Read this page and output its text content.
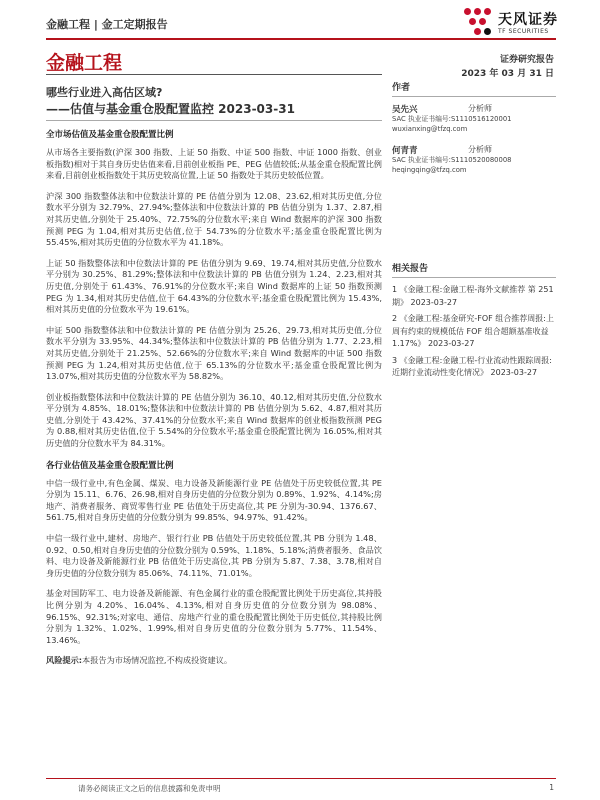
金融工程 | 金工定期报告	天风证券
TF SECURITIES
金融工程	证券研究报告
2023 年 03 月 31 日
哪些行业进入高估区域?
——估值与基金重仓股配置监控 2023-03-31
全市场估值及基金重仓股配置比例

从市场各主要指数(沪深 300 指数、上证 50 指数、中证 500 指数、中证 1000 指数、创业板指数)相对于其自身历史估值来看,目前创业板指 PE、PEG 估值较低;从基金重仓股配置比例来看,目前创业板指数处于其历史较高位置,上证 50 指数处于其历史较低位置。

沪深 300 指数整体法和中位数法计算的 PE 估值分别为 12.08、23.62,相对其历史值,分位数水平分别为 32.79%、27.94%;整体法和中位数法计算的 PB 估值分别为 1.37、2.87,相对其历史值,分别处于 25.40%、72.75%的分位数水平;来自 Wind 数据库的沪深 300 指数预测 PEG 为 1.04,相对其历史估值,位于 54.73%的分位数水平;基金重仓股配置比例为 55.45%,相对其历史值的分位数水平为 41.18%。

上证 50 指数整体法和中位数法计算的 PE 估值分别为 9.69、19.74,相对其历史值,分位数水平分别为 30.25%、81.29%;整体法和中位数法计算的 PB 估值分别为 1.24、2.23,相对其历史值,分别处于 61.43%、76.91%的分位数水平;来自 Wind 数据库的上证 50 指数预测 PEG 为 1.34,相对其历史估值,位于 64.43%的分位数水平;基金重仓股配置比例为 15.43%,相对其历史值的分位数水平为 19.61%。

中证 500 指数整体法和中位数法计算的 PE 估值分别为 25.26、29.73,相对其历史值,分位数水平分别为 33.95%、44.34%;整体法和中位数法计算的 PB 估值分别为 1.77、2.23,相对其历史值,分别处于 21.25%、52.66%的分位数水平;来自 Wind 数据库的中证 500 指数预测 PEG 为 1.24,相对其历史估值,位于 65.13%的分位数水平;基金重仓股配置比例为 13.07%,相对其历史值的分位数水平为 58.82%。

创业板指数整体法和中位数法计算的 PE 估值分别为 36.10、40.12,相对其历史值,分位数水平分别为 4.85%、18.01%;整体法和中位数法计算的 PB 估值分别为 5.62、4.87,相对其历史值,分别处于 43.42%、37.41%的分位数水平;来自 Wind 数据库的创业板指数预测 PEG 为 0.88,相对其历史估值,位于 5.54%的分位数水平;基金重仓股配置比例为 16.05%,相对其历史值的分位数水平为 84.31%。

各行业估值及基金重仓股配置比例

中信一级行业中,有色金属、煤炭、电力设备及新能源行业 PE 估值处于历史较低位置,其 PE 分别为 15.11、6.76、26.98,相对自身历史值的分位数分别为 0.89%、1.92%、4.14%;房地产、消费者服务、商贸零售行业 PE 估值处于历史高位,其 PE 分别为-30.94、1376.67、561.75,相对自身历史值的分位数分别为 99.85%、94.97%、91.42%。

中信一级行业中,建材、房地产、银行行业 PB 估值处于历史较低位置,其 PB 分别为 1.48、0.92、0.50,相对自身历史值的分位数分别为 0.59%、1.18%、5.18%;消费者服务、食品饮料、电力设备及新能源行业 PB 估值处于历史高位,其 PB 分别为 5.87、7.38、3.78,相对自身历史值的分位数分别为 85.06%、74.11%、71.01%。

基金对国防军工、电力设备及新能源、有色金属行业的重仓股配置比例处于历史高位,其持股比例分别为 4.20%、16.04%、4.13%,相对自身历史值的分位数分别为 98.08%、96.15%、92.31%;对家电、通信、房地产行业的重仓股配置比例处于历史低位,其持股比例分别为 1.32%、1.02%、1.99%,相对自身历史值的分位数分别为 5.77%、11.54%、13.46%。

风险提示:本报告为市场情况监控,不构成投资建议。

作者
吴先兴	分析师
SAC 执业证书编号:S1110516120001
wuxianxing@tfzq.com
何青青	分析师
SAC 执业证书编号:S1110520080008
heqingqing@tfzq.com
相关报告
1 《金融工程:金融工程-海外文献推荐 第 251 期》 2023-03-27
2 《金融工程:基金研究-FOF 组合推荐周报:上周有约束的规模低估 FOF 组合超额基准收益 1.17%》 2023-03-27
3 《金融工程:金融工程-行业流动性跟踪周报:近期行业流动性变化情况》 2023-03-27
请务必阅读正文之后的信息披露和免责申明	1
